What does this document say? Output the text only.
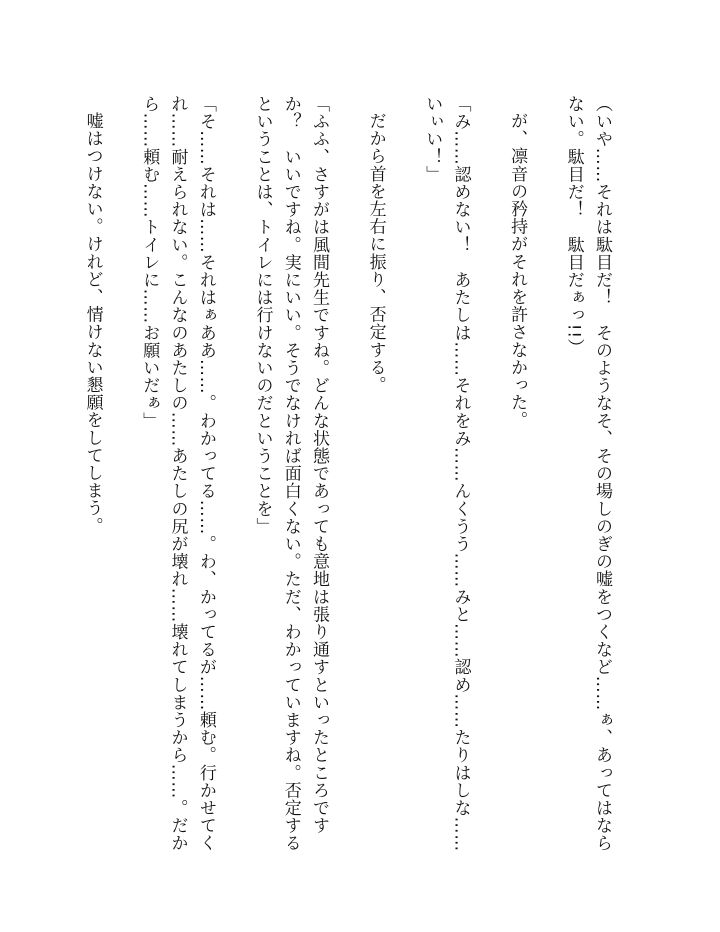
（いや……それは駄目だ！　そのようなそ、その場しのぎの嘘をつくなど……ぁ、あってはならない。駄目だ！　駄目だぁっ!!）

が、凛音の矜持がそれを許さなかった。

「み……認めない！　あたしは……それをみ……んくうう……みと……認め……たりはしな……いぃい！」

だから首を左右に振り、否定する。

「ふふ、さすがは風間先生ですね。どんな状態であっても意地は張り通すといったところですか？　いいですね。実にいい。そうでなければ面白くない。ただ、わかっていますね。否定するということは、トイレには行けないのだということを」

「そ……それは……それはぁああ……。わかってる……。わ、かってるが……頼む。行かせてくれ……耐えられない。こんなのあたしの……あたしの尻が壊れ……壊れてしまうから……。だから……頼む……トイレに……お願いだぁ」

嘘はつけない。けれど、情けない懇願をしてしまう。
